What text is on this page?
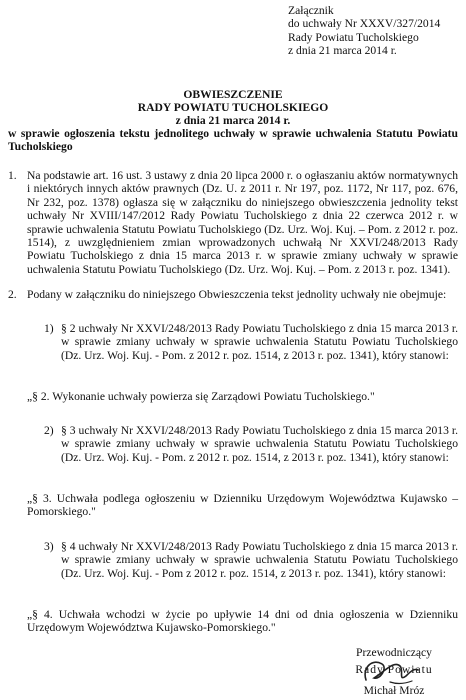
Załącznik
do uchwały Nr XXXV/327/2014
Rady Powiatu Tucholskiego
z dnia 21 marca 2014 r.
OBWIESZCZENIE
RADY POWIATU TUCHOLSKIEGO
z dnia 21 marca 2014 r.
w sprawie ogłoszenia tekstu jednolitego uchwały w sprawie uchwalenia Statutu Powiatu Tucholskiego
1. Na podstawie art. 16 ust. 3 ustawy z dnia 20 lipca 2000 r. o ogłaszaniu aktów normatywnych i niektórych innych aktów prawnych (Dz. U. z 2011 r. Nr 197, poz. 1172, Nr 117, poz. 676, Nr 232, poz. 1378) ogłasza się w załączniku do niniejszego obwieszczenia jednolity tekst uchwały Nr XVIII/147/2012 Rady Powiatu Tucholskiego z dnia 22 czerwca 2012 r. w sprawie uchwalenia Statutu Powiatu Tucholskiego (Dz. Urz. Woj. Kuj. – Pom. z 2012 r. poz. 1514), z uwzględnieniem zmian wprowadzonych uchwałą Nr XXVI/248/2013 Rady Powiatu Tucholskiego z dnia 15 marca 2013 r. w sprawie zmiany uchwały w sprawie uchwalenia Statutu Powiatu Tucholskiego (Dz. Urz. Woj. Kuj. – Pom. z 2013 r. poz. 1341).
2. Podany w załączniku do niniejszego Obwieszczenia tekst jednolity uchwały nie obejmuje:
1) § 2 uchwały Nr XXVI/248/2013 Rady Powiatu Tucholskiego z dnia 15 marca 2013 r. w sprawie zmiany uchwały w sprawie uchwalenia Statutu Powiatu Tucholskiego (Dz. Urz. Woj. Kuj. - Pom. z 2012 r. poz. 1514, z 2013 r. poz. 1341), który stanowi:
„§ 2. Wykonanie uchwały powierza się Zarządowi Powiatu Tucholskiego."
2) § 3 uchwały Nr XXVI/248/2013 Rady Powiatu Tucholskiego z dnia 15 marca 2013 r. w sprawie zmiany uchwały w sprawie uchwalenia Statutu Powiatu Tucholskiego (Dz. Urz. Woj. Kuj. - Pom. z 2012 r. poz. 1514, z 2013 r. poz. 1341), który stanowi:
„§ 3. Uchwała podlega ogłoszeniu w Dzienniku Urzędowym Województwa Kujawsko – Pomorskiego."
3) § 4 uchwały Nr XXVI/248/2013 Rady Powiatu Tucholskiego z dnia 15 marca 2013 r. w sprawie zmiany uchwały w sprawie uchwalenia Statutu Powiatu Tucholskiego (Dz. Urz. Woj. Kuj. - Pom z 2012 r. poz. 1514, z 2013 r. poz. 1341), który stanowi:
„§ 4. Uchwała wchodzi w życie po upływie 14 dni od dnia ogłoszenia w Dzienniku Urzędowym Województwa Kujawsko-Pomorskiego."
Przewodniczący
Rady Powiatu
Michał Mróz
